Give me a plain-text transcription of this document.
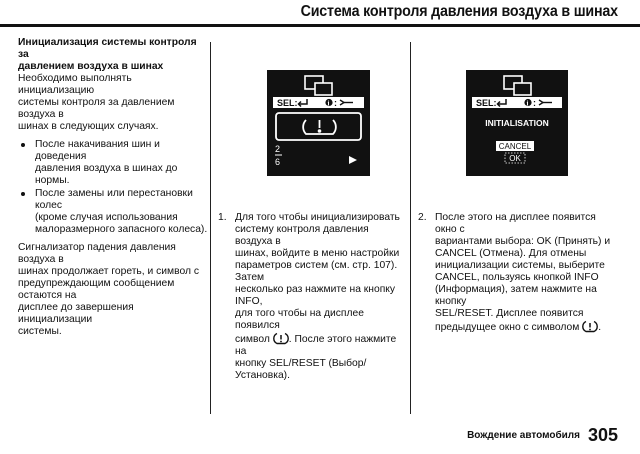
Система контроля давления воздуха в шинах

Инициализация системы контроля за
давлением воздуха в шинах

Необходимо выполнять инициализацию
системы контроля за давлением воздуха в
шинах в следующих случаях.

После накачивания шин и доведения
давления воздуха в шинах до нормы.
После замены или перестановки колес
(кроме случая использования
малоразмерного запасного колеса).

Сигнализатор падения давления воздуха в
шинах продолжает гореть, и символ с
предупреждающим сообщением остаются на
дисплее до завершения инициализации
системы.

SEL:	i :
2
6
SEL:	i :
INITIALISATION
CANCEL
OK
1. Для того чтобы инициализировать
систему контроля давления воздуха в
шинах, войдите в меню настройки
параметров систем (см. стр. 107). Затем
несколько раз нажмите на кнопку INFO,
для того чтобы на дисплее появился
символ . После этого нажмите на
кнопку SEL/RESET (Выбор/Установка).
2. После этого на дисплее появится окно с
вариантами выбора: OK (Принять) и
CANCEL (Отмена). Для отмены
инициализации системы, выберите
CANCEL, пользуясь кнопкой INFO
(Информация), затем нажмите на кнопку
SEL/RESET. Дисплее появится
предыдущее окно с символом .
Вождение автомобиля 305
